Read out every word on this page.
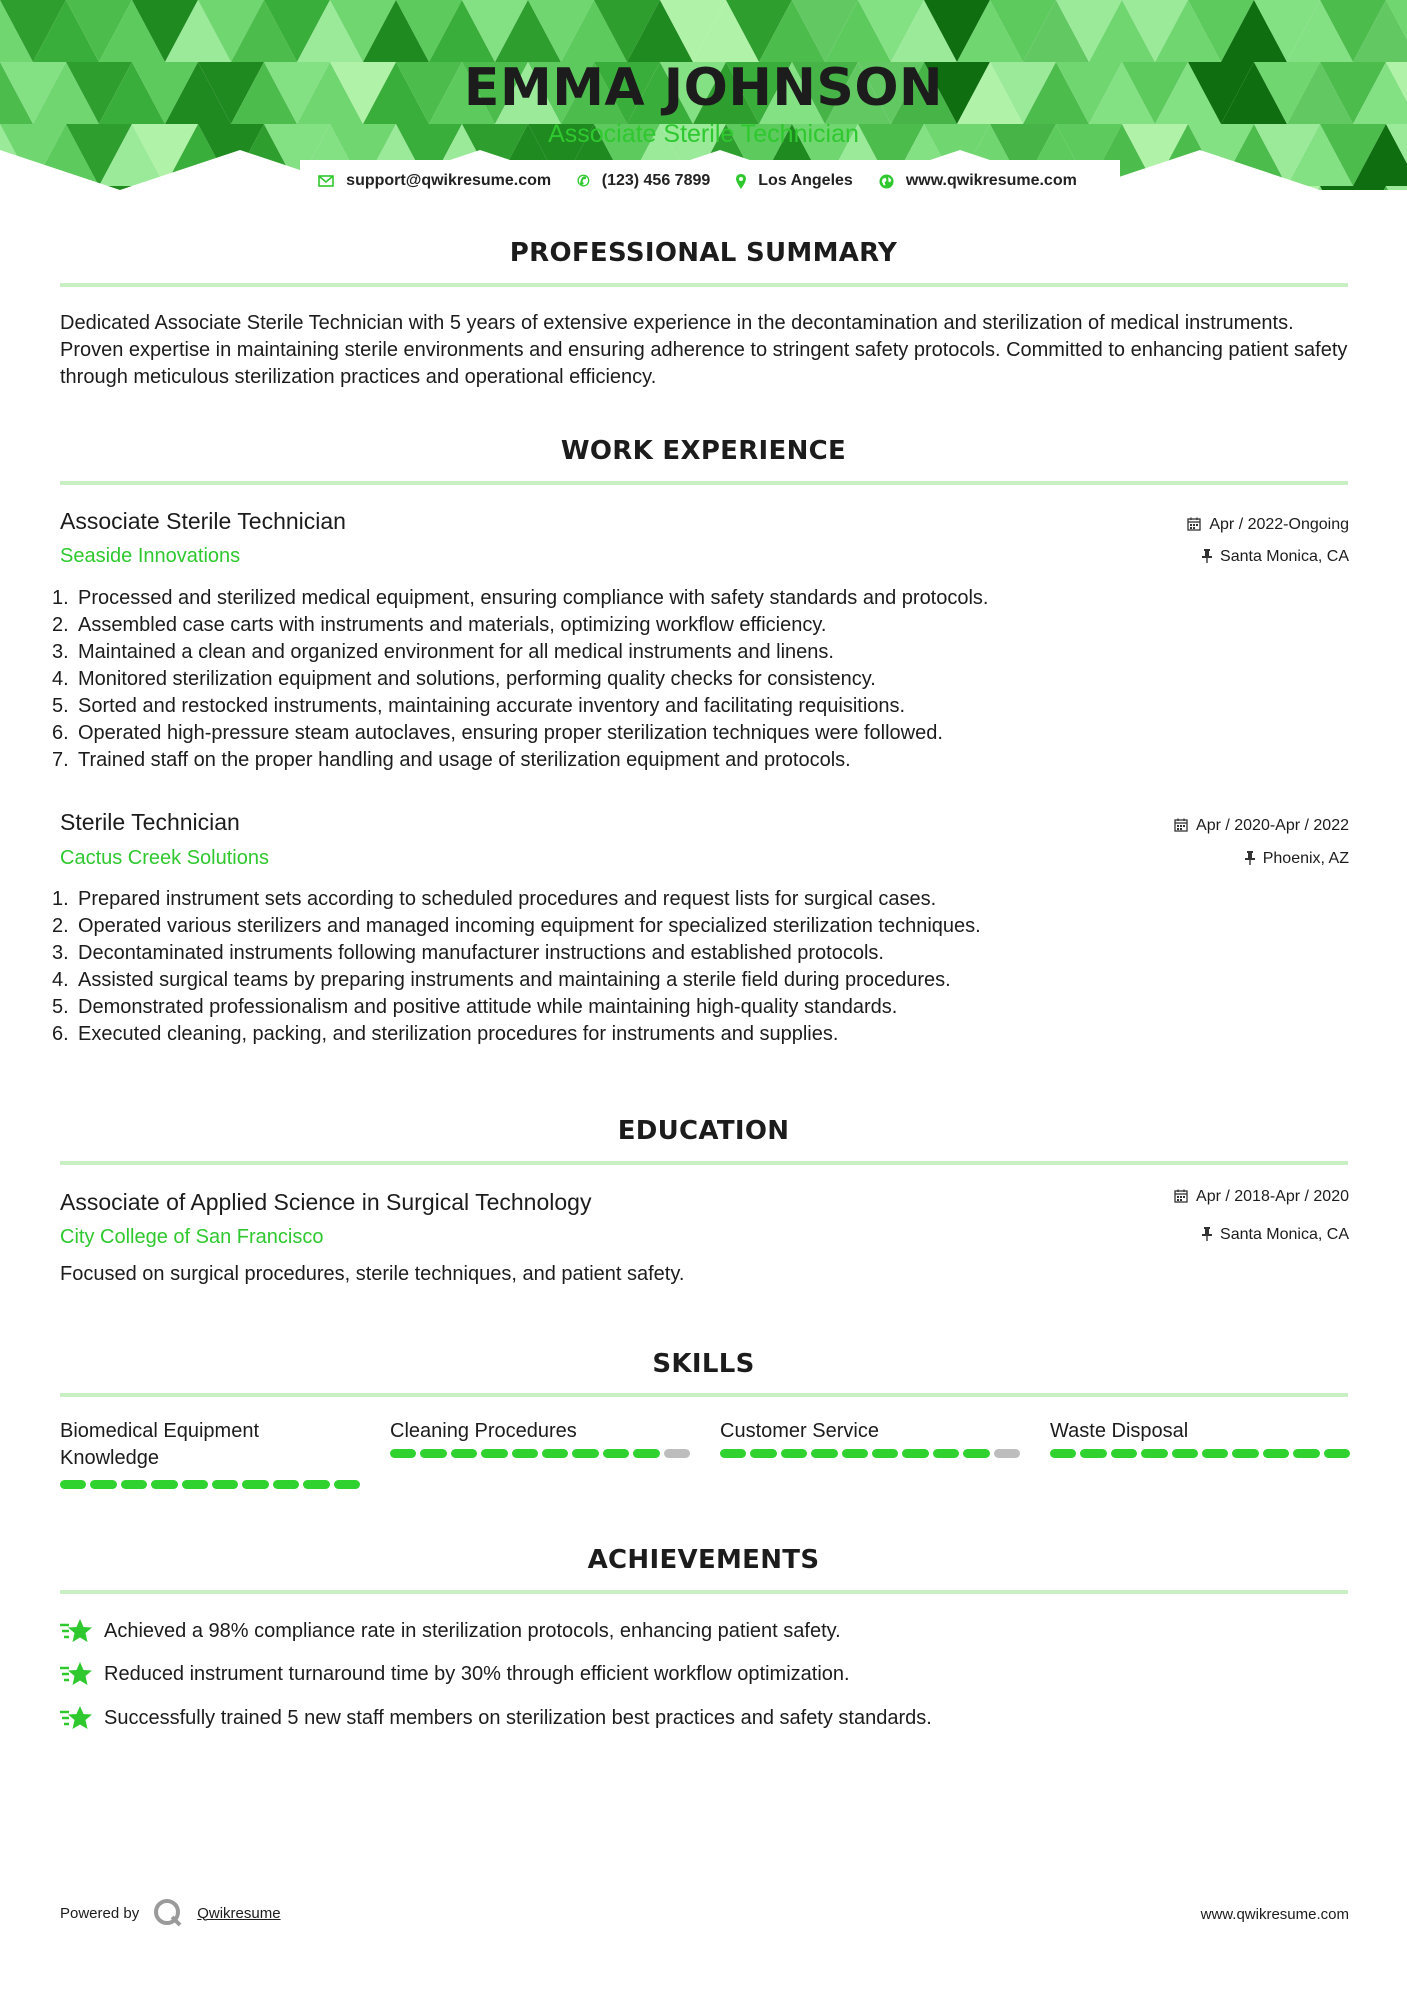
EMMA JOHNSON
Associate Sterile Technician
support@qwikresume.com ✆ (123) 456 7899	Los Angeles	www.qwikresume.com
PROFESSIONAL SUMMARY
Dedicated Associate Sterile Technician with 5 years of extensive experience in the decontamination and sterilization of medical instruments. Proven expertise in maintaining sterile environments and ensuring adherence to stringent safety protocols. Committed to enhancing patient safety through meticulous sterilization practices and operational efficiency.
WORK EXPERIENCE
Associate Sterile Technician	Apr / 2022-Ongoing
Seaside Innovations	Santa Monica, CA
1. Processed and sterilized medical equipment, ensuring compliance with safety standards and protocols.
2. Assembled case carts with instruments and materials, optimizing workflow efficiency.
3. Maintained a clean and organized environment for all medical instruments and linens.
4. Monitored sterilization equipment and solutions, performing quality checks for consistency.
5. Sorted and restocked instruments, maintaining accurate inventory and facilitating requisitions.
6. Operated high-pressure steam autoclaves, ensuring proper sterilization techniques were followed.
7. Trained staff on the proper handling and usage of sterilization equipment and protocols.
Sterile Technician	Apr / 2020-Apr / 2022
Cactus Creek Solutions	Phoenix, AZ
1. Prepared instrument sets according to scheduled procedures and request lists for surgical cases.
2. Operated various sterilizers and managed incoming equipment for specialized sterilization techniques.
3. Decontaminated instruments following manufacturer instructions and established protocols.
4. Assisted surgical teams by preparing instruments and maintaining a sterile field during procedures.
5. Demonstrated professionalism and positive attitude while maintaining high-quality standards.
6. Executed cleaning, packing, and sterilization procedures for instruments and supplies.
EDUCATION
Associate of Applied Science in Surgical Technology	Apr / 2018-Apr / 2020
City College of San Francisco	Santa Monica, CA
Focused on surgical procedures, sterile techniques, and patient safety.
SKILLS
Biomedical Equipment Knowledge
Cleaning Procedures	Customer Service	Waste Disposal
ACHIEVEMENTS
Achieved a 98% compliance rate in sterilization protocols, enhancing patient safety.
Reduced instrument turnaround time by 30% through efficient workflow optimization.
Successfully trained 5 new staff members on sterilization best practices and safety standards.
Powered by	Qwikresume	www.qwikresume.com
